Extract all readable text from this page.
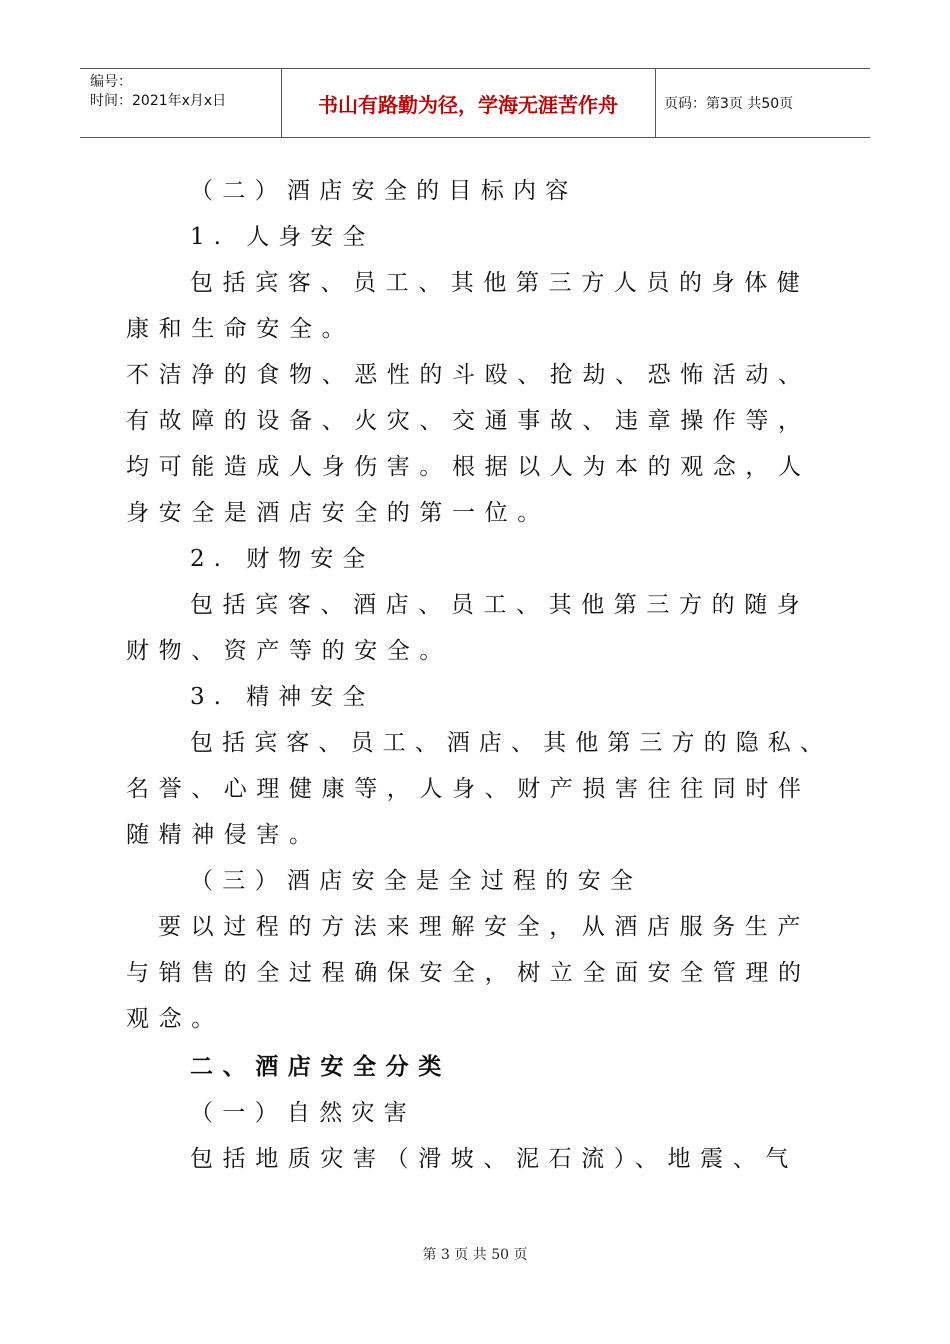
编号：
时间：2021年x月x日	书山有路勤为径，学海无涯苦作舟	页码：第3页 共50页
（二）酒店安全的目标内容
1. 人身安全
包括宾客、员工、其他第三方人员的身体健
康和生命安全。
不洁净的食物、恶性的斗殴、抢劫、恐怖活动、
有故障的设备、火灾、交通事故、违章操作等，
均可能造成人身伤害。根据以人为本的观念，人
身安全是酒店安全的第一位。
2. 财物安全
包括宾客、酒店、员工、其他第三方的随身
财物、资产等的安全。
3. 精神安全
包括宾客、员工、酒店、其他第三方的隐私、
名誉、心理健康等，人身、财产损害往往同时伴
随精神侵害。
（三）酒店安全是全过程的安全
要以过程的方法来理解安全，从酒店服务生产
与销售的全过程确保安全，树立全面安全管理的
观念。
二、酒店安全分类
（一）自然灾害
包括地质灾害（滑坡、泥石流）、地震、气
第 3 页 共 50 页
